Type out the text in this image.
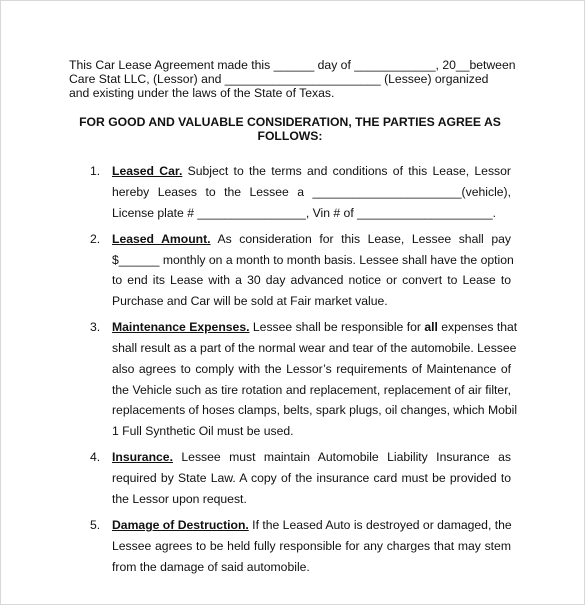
This Car Lease Agreement made this ______ day of ____________, 20__between
Care Stat LLC, (Lessor) and _______________________ (Lessee) organized
and existing under the laws of the State of Texas.
FOR GOOD AND VALUABLE CONSIDERATION, THE PARTIES AGREE AS
FOLLOWS:
1. Leased Car. Subject to the terms and conditions of this Lease, Lessor
hereby Leases to the Lessee a ______________________(vehicle),
License plate # ________________, Vin # of ____________________.
2. Leased Amount. As consideration for this Lease, Lessee shall pay
$______ monthly on a month to month basis. Lessee shall have the option
to end its Lease with a 30 day advanced notice or convert to Lease to
Purchase and Car will be sold at Fair market value.
3. Maintenance Expenses. Lessee shall be responsible for all expenses that
shall result as a part of the normal wear and tear of the automobile. Lessee
also agrees to comply with the Lessor’s requirements of Maintenance of
the Vehicle such as tire rotation and replacement, replacement of air filter,
replacements of hoses clamps, belts, spark plugs, oil changes, which Mobil
1 Full Synthetic Oil must be used.
4. Insurance. Lessee must maintain Automobile Liability Insurance as
required by State Law. A copy of the insurance card must be provided to
the Lessor upon request.
5. Damage of Destruction. If the Leased Auto is destroyed or damaged, the
Lessee agrees to be held fully responsible for any charges that may stem
from the damage of said automobile.
